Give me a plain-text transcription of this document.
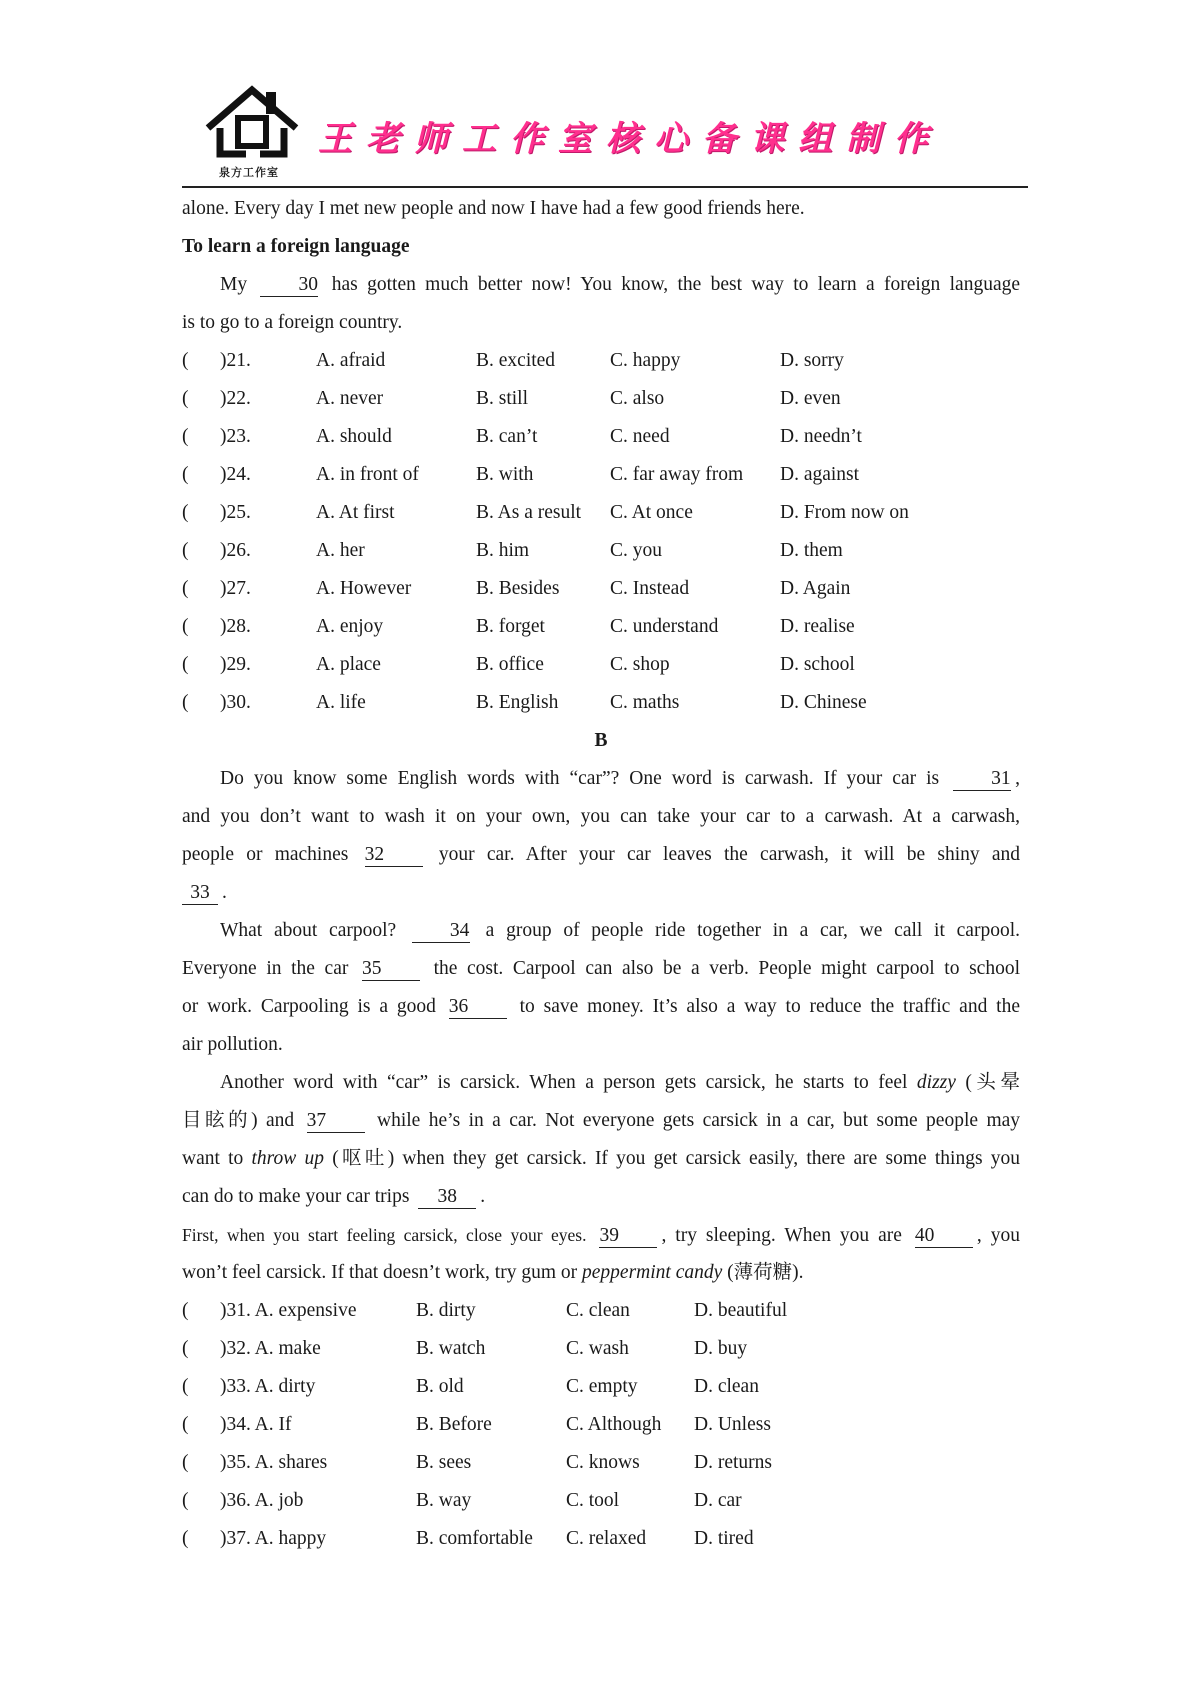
泉方工作室
王老师工作室核心备课组制作
alone. Every day I met new people and now I have had a few good friends here.
To learn a foreign language
My	30 has gotten much better now! You know, the best way to learn a foreign language
is to go to a foreign country.
( )21.	A. afraid	B. excited	C. happy	D. sorry
( )22.	A. never	B. still	C. also	D. even
( )23.	A. should	B. can’t	C. need	D. needn’t
( )24.	A. in front of	B. with	C. far away from D. against
( )25.	A. At first	B. As a result C. At once	D. From now on
( )26.	A. her	B. him	C. you	D. them
( )27.	A. However	B. Besides	C. Instead	D. Again
( )28.	A. enjoy	B. forget	C. understand	D. realise
( )29.	A. place	B. office	C. shop	D. school
( )30.	A. life	B. English	C. maths	D. Chinese
B
Do you know some English words with “car”? One word is carwash. If your car is	31 ,
and you don’t want to wash it on your own, you can take your car to a carwash. At a carwash,
people or machines 32	your car. After your car leaves the carwash, it will be shiny and
33 .
What about carpool?	34 a group of people ride together in a car, we call it carpool.
Everyone in the car 35	the cost. Carpool can also be a verb. People might carpool to school
or work. Carpooling is a good 36	to save money. It’s also a way to reduce the traffic and the
air pollution.
Another word with “car” is carsick. When a person gets carsick, he starts to feel dizzy (头晕
目眩的) and 37	while he’s in a car. Not everyone gets carsick in a car, but some people may
want to throw up (呕吐) when they get carsick. If you get carsick easily, there are some things you
can do to make your car trips 38 .
First, when you start feeling carsick, close your eyes. 39 , try sleeping. When you are 40 , you
won’t feel carsick. If that doesn’t work, try gum or peppermint candy (薄荷糖).
( )31. A. expensive	B. dirty	C. clean	D. beautiful
( )32. A. make	B. watch	C. wash	D. buy
( )33. A. dirty	B. old	C. empty	D. clean
( )34. A. If	B. Before	C. Although D. Unless
( )35. A. shares	B. sees	C. knows	D. returns
( )36. A. job	B. way	C. tool	D. car
( )37. A. happy	B. comfortable C. relaxed D. tired
